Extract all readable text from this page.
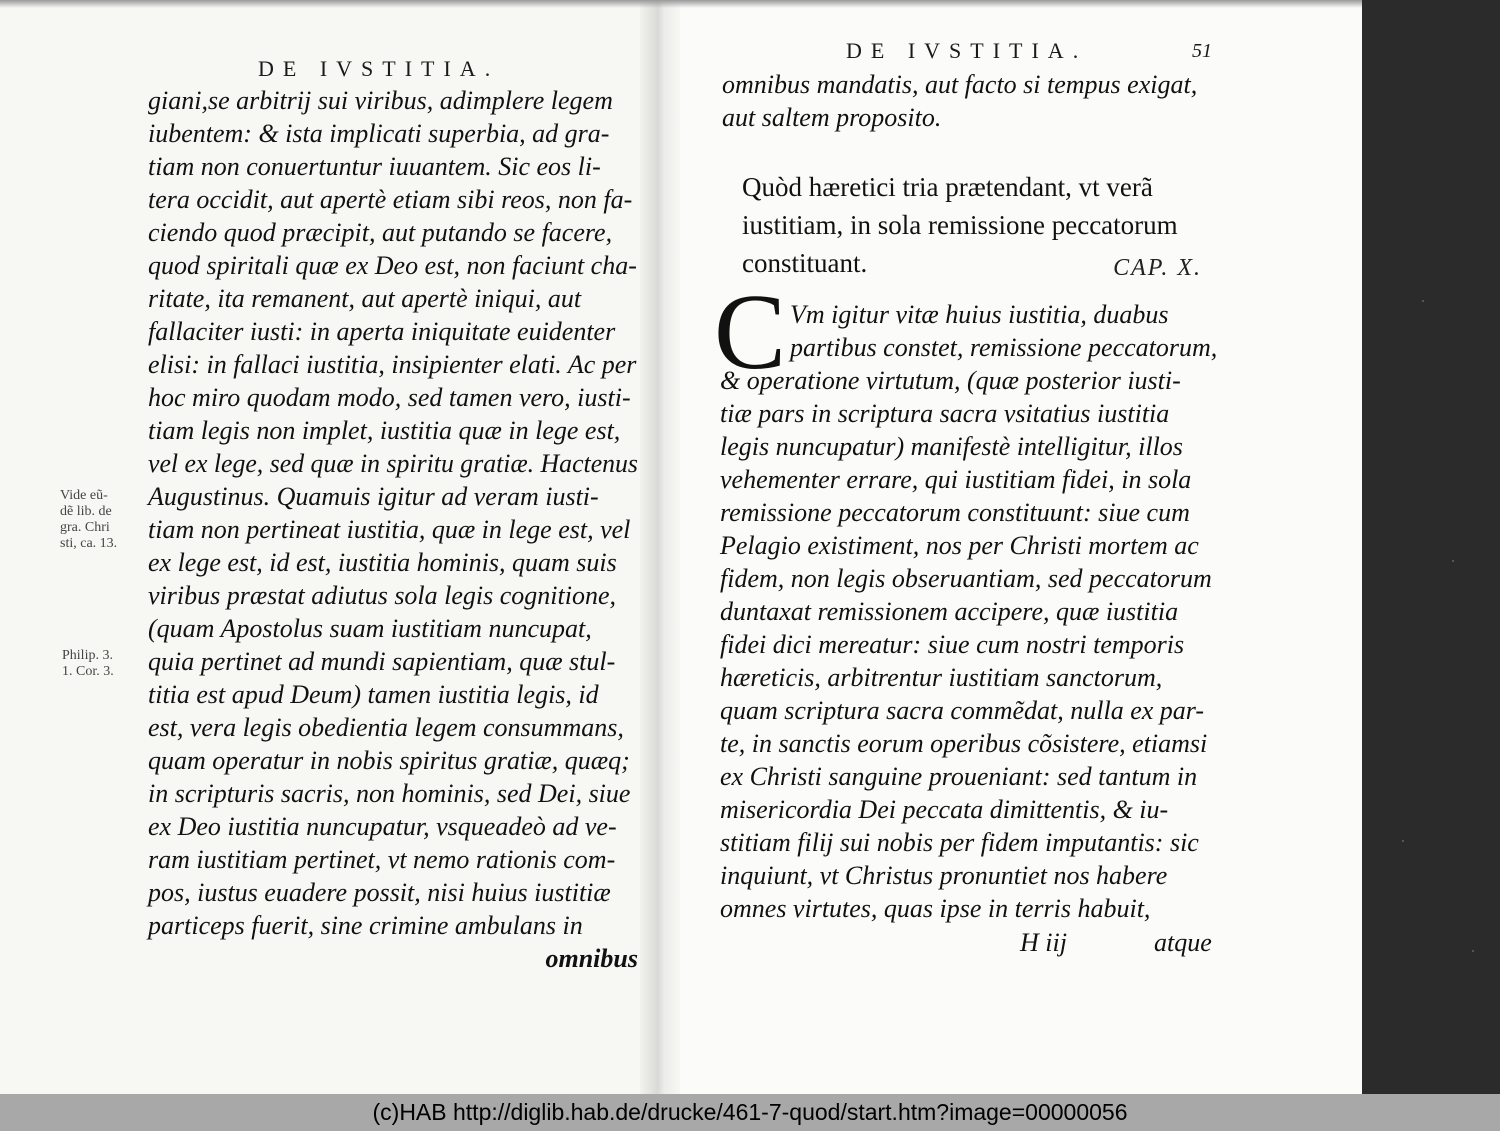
DE IVSTITIA.
giani,se arbitrij sui viribus, adimplere legem
iubentem: & ista implicati superbia, ad gra-
tiam non conuertuntur iuuantem. Sic eos li-
tera occidit, aut apertè etiam sibi reos, non fa-
ciendo quod præcipit, aut putando se facere,
quod spiritali quæ ex Deo est, non faciunt cha-
ritate, ita remanent, aut apertè iniqui, aut
fallaciter iusti: in aperta iniquitate euidenter
elisi: in fallaci iustitia, insipienter elati. Ac per
hoc miro quodam modo, sed tamen vero, iusti-
tiam legis non implet, iustitia quæ in lege est,
vel ex lege, sed quæ in spiritu gratiæ. Hactenus
Augustinus. Quamuis igitur ad veram iusti-
tiam non pertineat iustitia, quæ in lege est, vel
ex lege est, id est, iustitia hominis, quam suis
viribus præstat adiutus sola legis cognitione,
(quam Apostolus suam iustitiam nuncupat,
quia pertinet ad mundi sapientiam, quæ stul-
titia est apud Deum) tamen iustitia legis, id
est, vera legis obedientia legem consummans,
quam operatur in nobis spiritus gratiæ, quæq;
in scripturis sacris, non hominis, sed Dei, siue
ex Deo iustitia nuncupatur, vsqueadeò ad ve-
ram iustitiam pertinet, vt nemo rationis com-
pos, iustus euadere possit, nisi huius iustitiæ
particeps fuerit, sine crimine ambulans in
omnibus
Vide eũ-
dẽ lib. de
gra. Chri
sti, ca. 13.
Philip. 3.
1. Cor. 3.
DE IVSTITIA.	51
omnibus mandatis, aut facto si tempus exigat,
aut saltem proposito.
Quòd hæretici tria prætendant, vt verã
iustitiam, in sola remissione peccatorum
constituant.	CAP. X.
C Vm igitur vitæ huius iustitia, duabus
partibus constet, remissione peccatorum,
& operatione virtutum, (quæ posterior iusti-
tiæ pars in scriptura sacra vsitatius iustitia
legis nuncupatur) manifestè intelligitur, illos
vehementer errare, qui iustitiam fidei, in sola
remissione peccatorum constituunt: siue cum
Pelagio existiment, nos per Christi mortem ac
fidem, non legis obseruantiam, sed peccatorum
duntaxat remissionem accipere, quæ iustitia
fidei dici mereatur: siue cum nostri temporis
hæreticis, arbitrentur iustitiam sanctorum,
quam scriptura sacra commẽdat, nulla ex par-
te, in sanctis eorum operibus cõsistere, etiamsi
ex Christi sanguine proueniant: sed tantum in
misericordia Dei peccata dimittentis, & iu-
stitiam filij sui nobis per fidem imputantis: sic
inquiunt, vt Christus pronuntiet nos habere
omnes virtutes, quas ipse in terris habuit,
H iij	atque
(c)HAB http://diglib.hab.de/drucke/461-7-quod/start.htm?image=00000056
